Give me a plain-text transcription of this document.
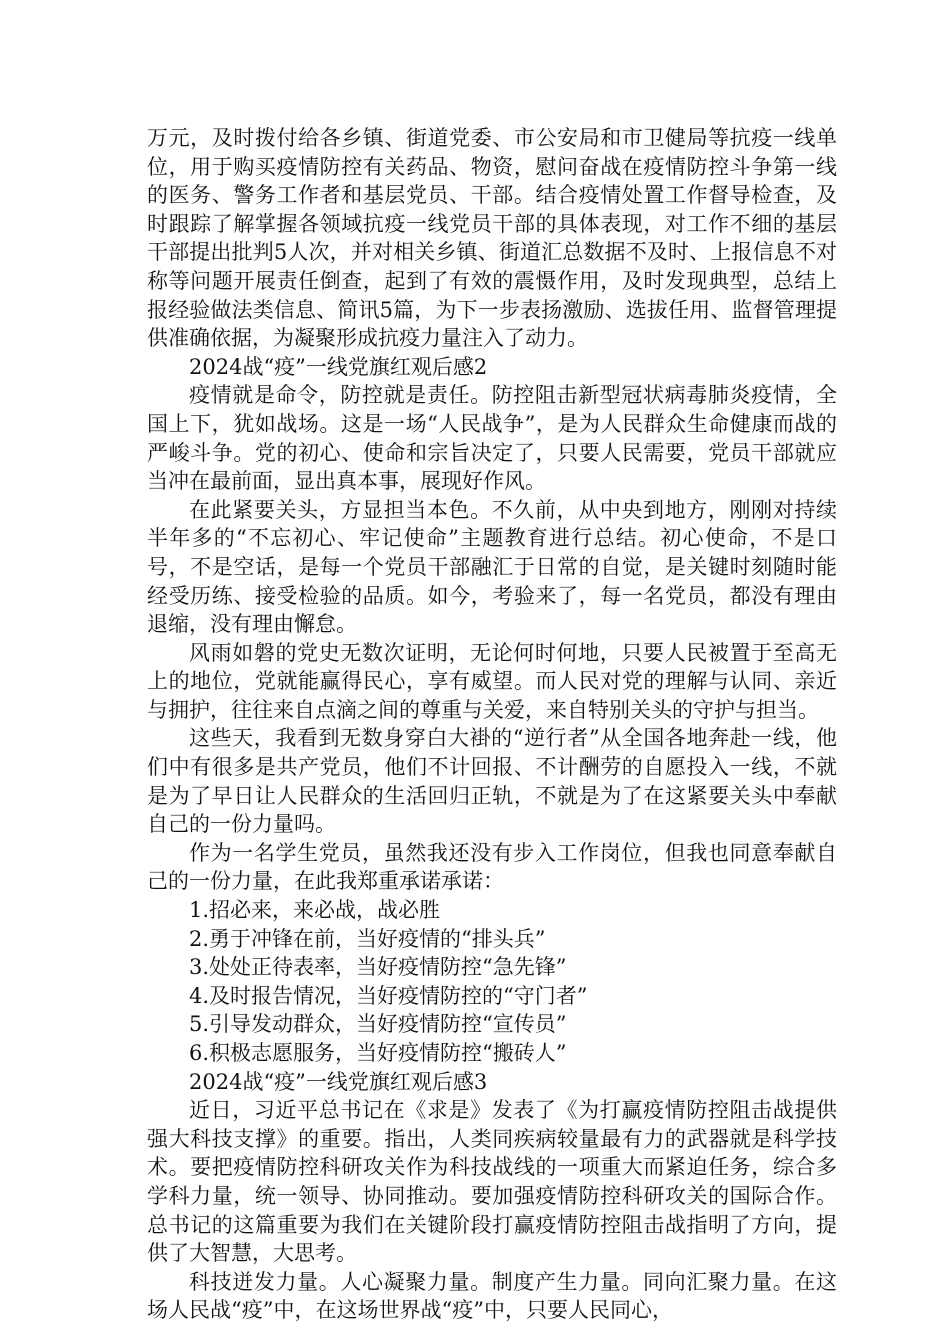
万元，及时拨付给各乡镇、街道党委、市公安局和市卫健局等抗疫一线单位，用于购买疫情防控有关药品、物资，慰问奋战在疫情防控斗争第一线的医务、警务工作者和基层党员、干部。结合疫情处置工作督导检查，及时跟踪了解掌握各领域抗疫一线党员干部的具体表现，对工作不细的基层干部提出批判5人次，并对相关乡镇、街道汇总数据不及时、上报信息不对称等问题开展责任倒查，起到了有效的震慑作用，及时发现典型，总结上报经验做法类信息、简讯5篇，为下一步表扬激励、选拔任用、监督管理提供准确依据，为凝聚形成抗疫力量注入了动力。

2024战“疫”一线党旗红观后感2

疫情就是命令，防控就是责任。防控阻击新型冠状病毒肺炎疫情，全国上下，犹如战场。这是一场“人民战争”，是为人民群众生命健康而战的严峻斗争。党的初心、使命和宗旨决定了，只要人民需要，党员干部就应当冲在最前面，显出真本事，展现好作风。

在此紧要关头，方显担当本色。不久前，从中央到地方，刚刚对持续半年多的“不忘初心、牢记使命”主题教育进行总结。初心使命，不是口号，不是空话，是每一个党员干部融汇于日常的自觉，是关键时刻随时能经受历练、接受检验的品质。如今，考验来了，每一名党员，都没有理由退缩，没有理由懈怠。

风雨如磐的党史无数次证明，无论何时何地，只要人民被置于至高无上的地位，党就能赢得民心，享有威望。而人民对党的理解与认同、亲近与拥护，往往来自点滴之间的尊重与关爱，来自特别关头的守护与担当。

这些天，我看到无数身穿白大褂的“逆行者”从全国各地奔赴一线，他们中有很多是共产党员，他们不计回报、不计酬劳的自愿投入一线，不就是为了早日让人民群众的生活回归正轨，不就是为了在这紧要关头中奉献自己的一份力量吗。

作为一名学生党员，虽然我还没有步入工作岗位，但我也同意奉献自己的一份力量，在此我郑重承诺承诺：

1.招必来，来必战，战必胜

2.勇于冲锋在前，当好疫情的“排头兵”

3.处处正待表率，当好疫情防控“急先锋”

4.及时报告情况，当好疫情防控的“守门者”

5.引导发动群众，当好疫情防控“宣传员”

6.积极志愿服务，当好疫情防控“搬砖人”

2024战“疫”一线党旗红观后感3

近日，习近平总书记在《求是》发表了《为打赢疫情防控阻击战提供强大科技支撑》的重要。指出，人类同疾病较量最有力的武器就是科学技术。要把疫情防控科研攻关作为科技战线的一项重大而紧迫任务，综合多学科力量，统一领导、协同推动。要加强疫情防控科研攻关的国际合作。总书记的这篇重要为我们在关键阶段打赢疫情防控阻击战指明了方向，提供了大智慧，大思考。

科技迸发力量。人心凝聚力量。制度产生力量。同向汇聚力量。在这场人民战“疫”中，在这场世界战“疫”中，只要人民同心，
